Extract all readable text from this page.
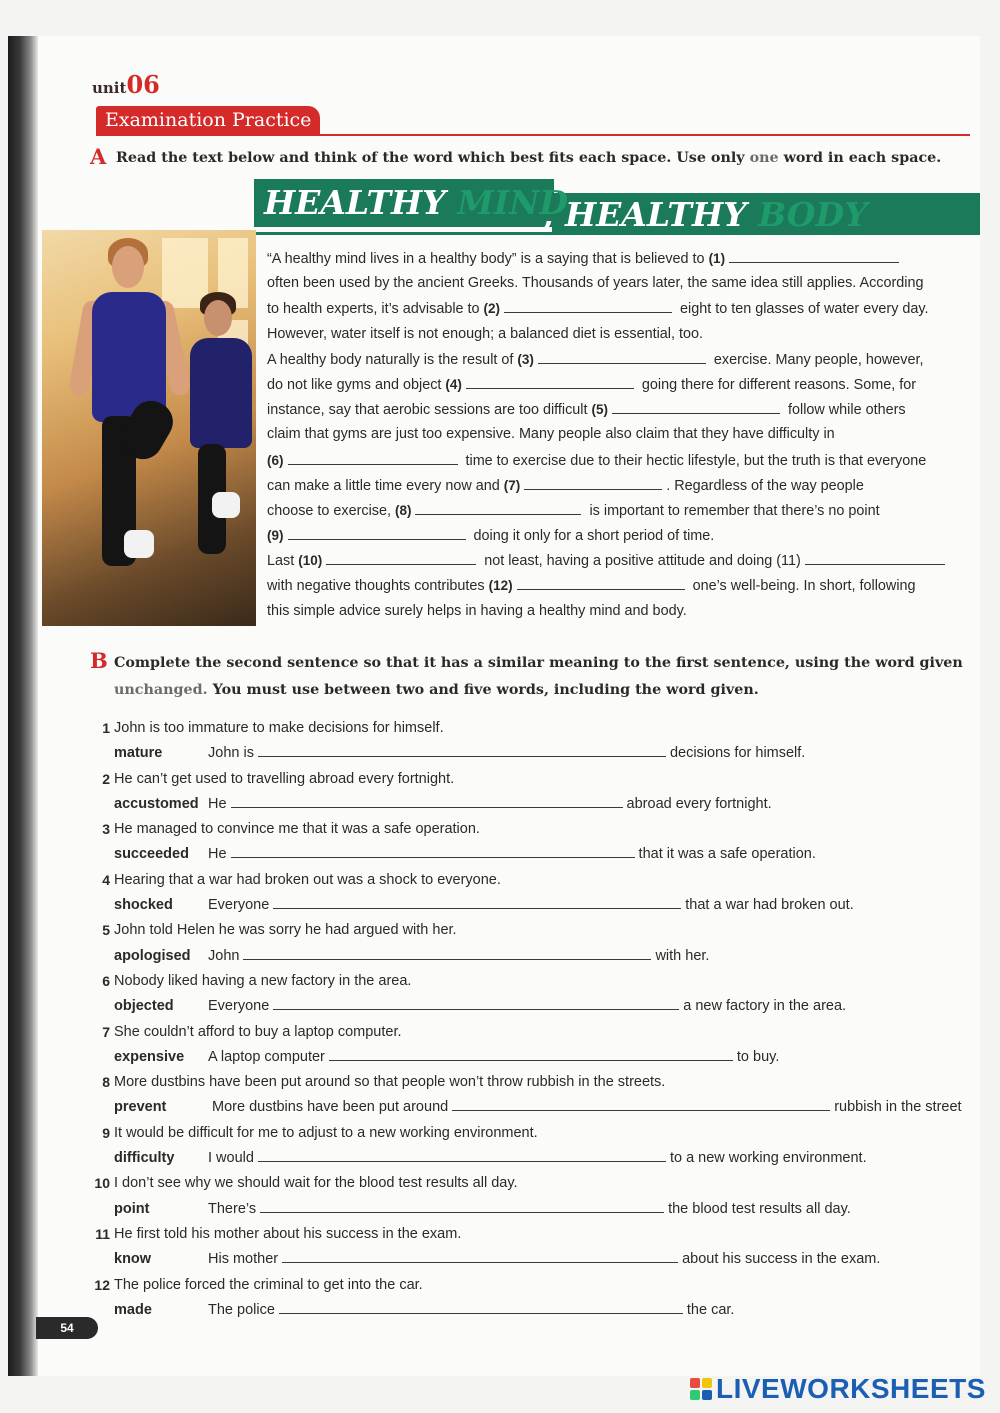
unit06
Examination Practice
A Read the text below and think of the word which best fits each space. Use only one word in each space.
HEALTHY MIND
, HEALTHY BODY
“A healthy mind lives in a healthy body” is a saying that is believed to (1)
often been used by the ancient Greeks. Thousands of years later, the same idea still applies. According
to health experts, it’s advisable to (2)	eight to ten glasses of water every day.
However, water itself is not enough; a balanced diet is essential, too.
A healthy body naturally is the result of (3)	exercise. Many people, however,
do not like gyms and object (4)	going there for different reasons. Some, for
instance, say that aerobic sessions are too difficult (5)	follow while others
claim that gyms are just too expensive. Many people also claim that they have difficulty in
(6)	time to exercise due to their hectic lifestyle, but the truth is that everyone
can make a little time every now and (7)	. Regardless of the way people
choose to exercise, (8)	is important to remember that there’s no point
(9)	doing it only for a short period of time.
Last (10)	not least, having a positive attitude and doing (11)
with negative thoughts contributes (12)	one’s well-being. In short, following
this simple advice surely helps in having a healthy mind and body.
B Complete the second sentence so that it has a similar meaning to the first sentence, using the word given
unchanged. You must use between two and five words, including the word given.
1 John is too immature to make decisions for himself.
mature	John is	decisions for himself.
2 He can’t get used to travelling abroad every fortnight.
accustomed He	abroad every fortnight.
3 He managed to convince me that it was a safe operation.
succeeded He	that it was a safe operation.
4 Hearing that a war had broken out was a shock to everyone.
shocked Everyone	that a war had broken out.
5 John told Helen he was sorry he had argued with her.
apologised John	with her.
6 Nobody liked having a new factory in the area.
objected Everyone	a new factory in the area.
7 She couldn’t afford to buy a laptop computer.
expensive A laptop computer	to buy.
8 More dustbins have been put around so that people won’t throw rubbish in the streets.
prevent	More dustbins have been put around	rubbish in the street
9 It would be difficult for me to adjust to a new working environment.
difficulty I would	to a new working environment.
10 I don’t see why we should wait for the blood test results all day.
point	There’s	the blood test results all day.
11 He first told his mother about his success in the exam.
know	His mother	about his success in the exam.
12 The police forced the criminal to get into the car.
made	The police	the car.
54
LIVEWORKSHEETS
